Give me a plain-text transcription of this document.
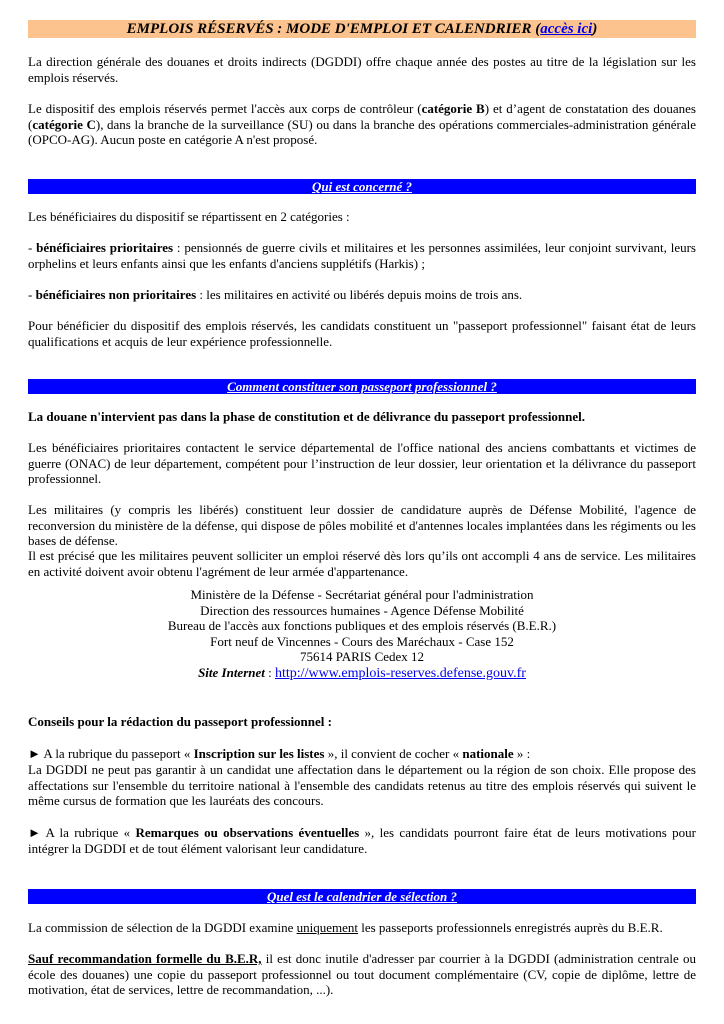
EMPLOIS RÉSERVÉS : MODE D'EMPLOI ET CALENDRIER (accès ici)

La direction générale des douanes et droits indirects (DGDDI) offre chaque année des postes au titre de la législation sur les emplois réservés.

Le dispositif des emplois réservés permet l'accès aux corps de contrôleur (catégorie B) et d’agent de constatation des douanes (catégorie C), dans la branche de la surveillance (SU) ou dans la branche des opérations commerciales-administration générale (OPCO-AG). Aucun poste en catégorie A n'est proposé.

Qui est concerné ?

Les bénéficiaires du dispositif se répartissent en 2 catégories :

- bénéficiaires prioritaires : pensionnés de guerre civils et militaires et les personnes assimilées, leur conjoint survivant, leurs orphelins et leurs enfants ainsi que les enfants d'anciens supplétifs (Harkis) ;

- bénéficiaires non prioritaires : les militaires en activité ou libérés depuis moins de trois ans.

Pour bénéficier du dispositif des emplois réservés, les candidats constituent un "passeport professionnel" faisant état de leurs qualifications et acquis de leur expérience professionnelle.

Comment constituer son passeport professionnel ?

La douane n'intervient pas dans la phase de constitution et de délivrance du passeport professionnel.

Les bénéficiaires prioritaires contactent le service départemental de l'office national des anciens combattants et victimes de guerre (ONAC) de leur département, compétent pour l’instruction de leur dossier, leur orientation et la délivrance du passeport professionnel.

Les militaires (y compris les libérés) constituent leur dossier de candidature auprès de Défense Mobilité, l'agence de reconversion du ministère de la défense, qui dispose de pôles mobilité et d'antennes locales implantées dans les régiments ou les bases de défense.

Il est précisé que les militaires peuvent solliciter un emploi réservé dès lors qu’ils ont accompli 4 ans de service. Les militaires en activité doivent avoir obtenu l'agrément de leur armée d'appartenance.

Ministère de la Défense - Secrétariat général pour l'administration
Direction des ressources humaines - Agence Défense Mobilité
Bureau de l'accès aux fonctions publiques et des emplois réservés (B.E.R.)
Fort neuf de Vincennes - Cours des Maréchaux - Case 152
75614 PARIS Cedex 12
Site Internet : http://www.emplois-reserves.defense.gouv.fr

Conseils pour la rédaction du passeport professionnel :

► A la rubrique du passeport « Inscription sur les listes », il convient de cocher « nationale » :

La DGDDI ne peut pas garantir à un candidat une affectation dans le département ou la région de son choix. Elle propose des affectations sur l'ensemble du territoire national à l'ensemble des candidats retenus au titre des emplois réservés qui suivent le même cursus de formation que les lauréats des concours.

► A la rubrique « Remarques ou observations éventuelles », les candidats pourront faire état de leurs motivations pour intégrer la DGDDI et de tout élément valorisant leur candidature.

Quel est le calendrier de sélection ?

La commission de sélection de la DGDDI examine uniquement les passeports professionnels enregistrés auprès du B.E.R.

Sauf recommandation formelle du B.E.R, il est donc inutile d'adresser par courrier à la DGDDI (administration centrale ou école des douanes) une copie du passeport professionnel ou tout document complémentaire (CV, copie de diplôme, lettre de motivation, état de services, lettre de recommandation, ...).
